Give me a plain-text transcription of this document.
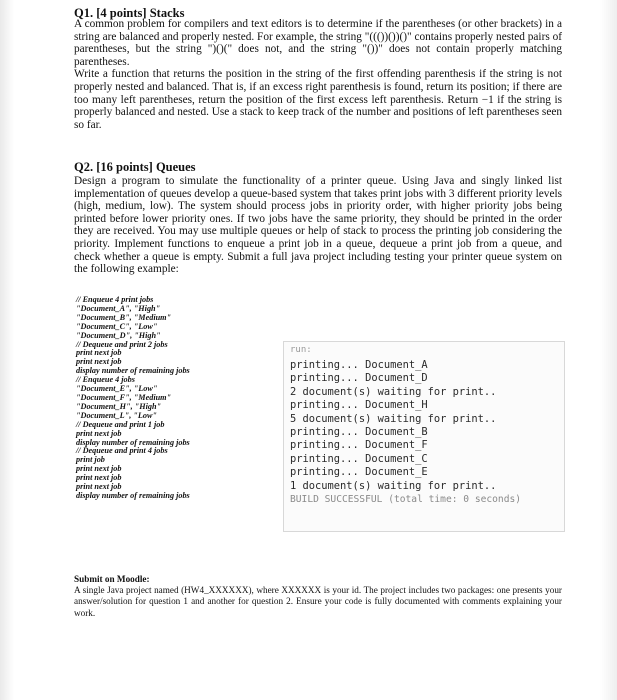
Q1. [4 points] Stacks

A common problem for compilers and text editors is to determine if the parentheses (or other brackets) in a string are balanced and properly nested. For example, the string "((())())()" contains properly nested pairs of parentheses, but the string ")()(" does not, and the string "())" does not contain properly matching parentheses.

Write a function that returns the position in the string of the first offending parenthesis if the string is not properly nested and balanced. That is, if an excess right parenthesis is found, return its position; if there are too many left parentheses, return the position of the first excess left parenthesis. Return −1 if the string is properly balanced and nested. Use a stack to keep track of the number and positions of left parentheses seen so far.

Q2. [16 points] Queues

Design a program to simulate the functionality of a printer queue. Using Java and singly linked list implementation of queues develop a queue-based system that takes print jobs with 3 different priority levels (high, medium, low). The system should process jobs in priority order, with higher priority jobs being printed before lower priority ones. If two jobs have the same priority, they should be printed in the order they are received. You may use multiple queues or help of stack to process the printing job considering the priority. Implement functions to enqueue a print job in a queue, dequeue a print job from a queue, and check whether a queue is empty. Submit a full java project including testing your printer queue system on the following example:

// Enqueue 4 print jobs
"Document_A", "High"
"Document_B", "Medium"
"Document_C", "Low"
"Document_D", "High"
// Dequeue and print 2 jobs
print next job
print next job
display number of remaining jobs
// Enqueue 4 jobs
"Document_E", "Low"
"Document_F", "Medium"
"Document_H", "High"
"Document_L", "Low"
// Dequeue and print 1 job
print next job
display number of remaining jobs
// Dequeue and print 4 jobs
print job
print next job
print next job
print next job
display number of remaining jobs
run:
printing... Document_A
printing... Document_D
2 document(s) waiting for print..
printing... Document_H
5 document(s) waiting for print..
printing... Document_B
printing... Document_F
printing... Document_C
printing... Document_E
1 document(s) waiting for print..
BUILD SUCCESSFUL (total time: 0 seconds)

Submit on Moodle:

A single Java project named (HW4_XXXXXX), where XXXXXX is your id. The project includes two packages: one presents your answer/solution for question 1 and another for question 2. Ensure your code is fully documented with comments explaining your work.
